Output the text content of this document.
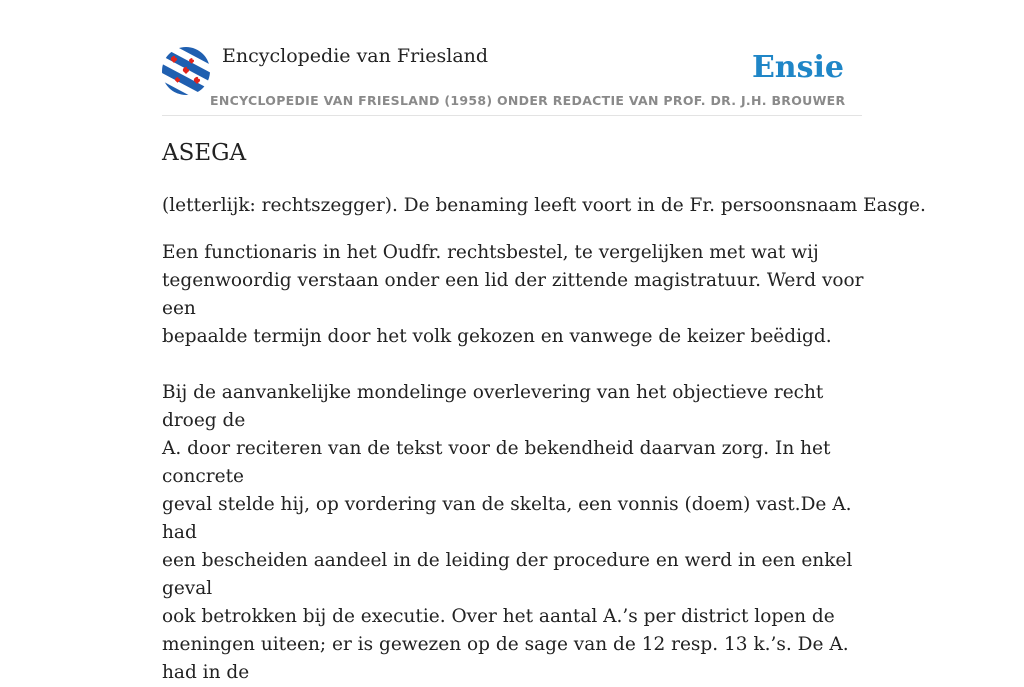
Encyclopedie van Friesland
ENCYCLOPEDIE VAN FRIESLAND (1958) ONDER REDACTIE VAN PROF. DR. J.H. BROUWER
Ensie
ASEGA

(letterlijk: rechtszegger). De benaming leeft voort in de Fr. persoonsnaam Easge.

Een functionaris in het Oudfr. rechtsbestel, te vergelijken met wat wij
tegenwoordig verstaan onder een lid der zittende magistratuur. Werd voor een
bepaalde termijn door het volk gekozen en vanwege de keizer beëdigd.

Bij de aanvankelijke mondelinge overlevering van het objectieve recht droeg de
A. door reciteren van de tekst voor de bekendheid daarvan zorg. In het concrete
geval stelde hij, op vordering van de skelta, een vonnis (doem) vast.De A. had
een bescheiden aandeel in de leiding der procedure en werd in een enkel geval
ook betrokken bij de executie. Over het aantal A.’s per district lopen de
meningen uiteen; er is gewezen op de sage van de 12 resp. 13 k.’s. De A. had in de
